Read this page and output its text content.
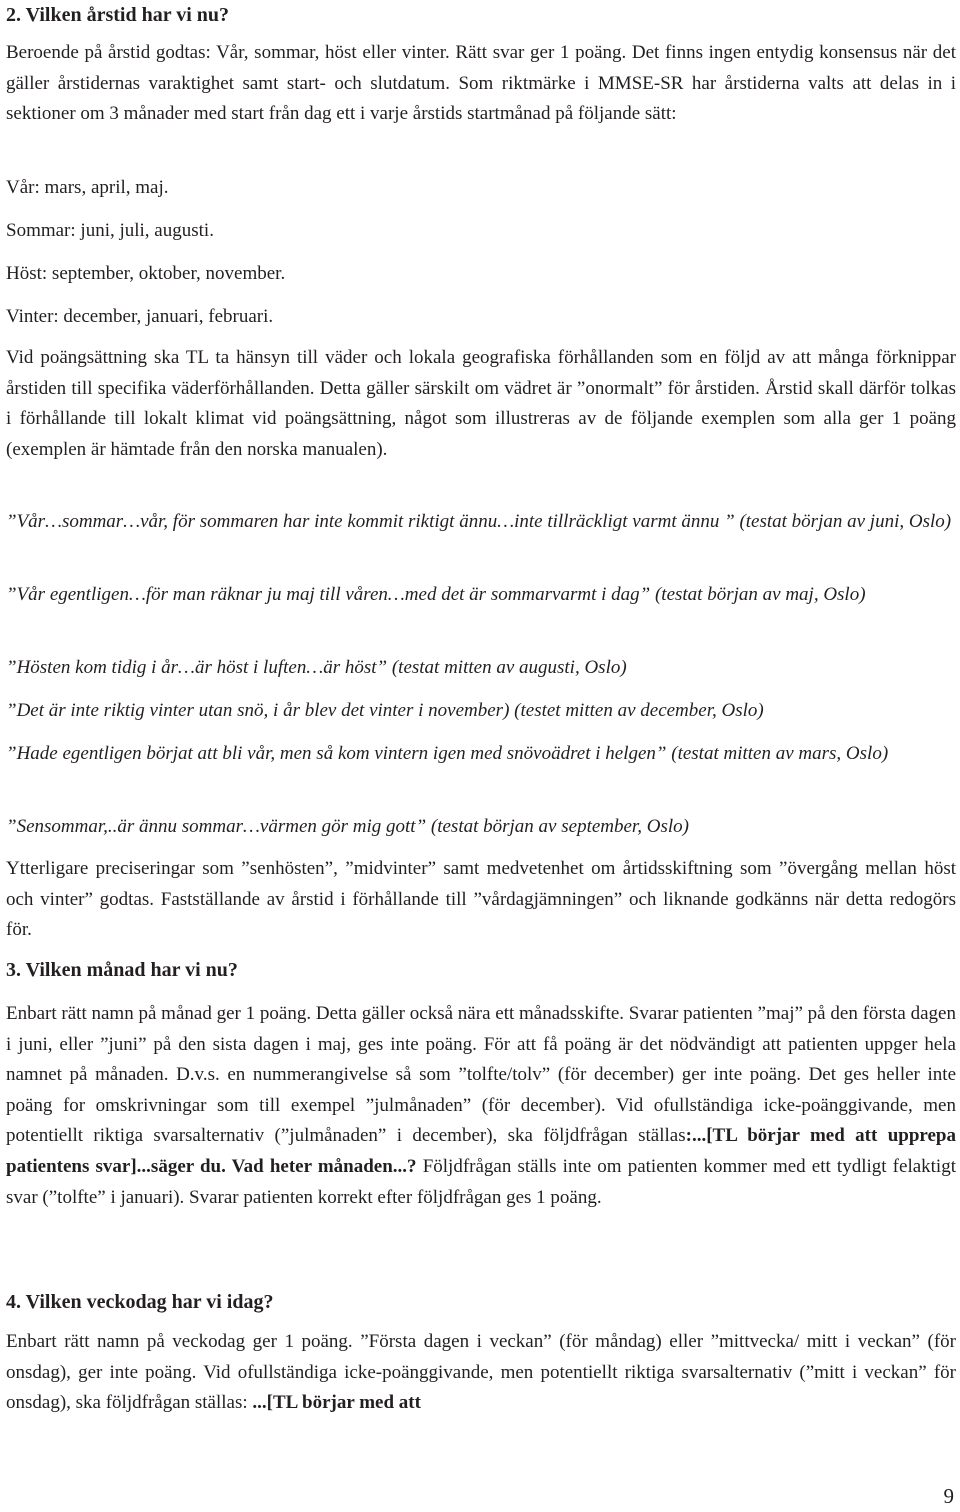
2. Vilken årstid har vi nu?

Beroende på årstid godtas: Vår, sommar, höst eller vinter. Rätt svar ger 1 poäng. Det finns ingen entydig konsensus när det gäller årstidernas varaktighet samt start- och slutdatum. Som riktmärke i MMSE-SR har årstiderna valts att delas in i sektioner om 3 månader med start från dag ett i varje årstids startmånad på följande sätt:

Vår: mars, april, maj.

Sommar: juni, juli, augusti.

Höst: september, oktober, november.

Vinter: december, januari, februari.

Vid poängsättning ska TL ta hänsyn till väder och lokala geografiska förhållanden som en följd av att många förknippar årstiden till specifika väderförhållanden. Detta gäller särskilt om vädret är ”onormalt” för årstiden. Årstid skall därför tolkas i förhållande till lokalt klimat vid poängsättning, något som illustreras av de följande exemplen som alla ger 1 poäng (exemplen är hämtade från den norska manualen).

”Vår…sommar…vår, för sommaren har inte kommit riktigt ännu…inte tillräckligt varmt ännu ” (testat början av juni, Oslo)

”Vår egentligen…för man räknar ju maj till våren…med det är sommarvarmt i dag” (testat början av maj, Oslo)

”Hösten kom tidig i år…är höst i luften…är höst” (testat mitten av augusti, Oslo)

”Det är inte riktig vinter utan snö, i år blev det vinter i november) (testet mitten av december, Oslo)

”Hade egentligen börjat att bli vår, men så kom vintern igen med snövoädret i helgen” (testat mitten av mars, Oslo)

”Sensommar,..är ännu sommar…värmen gör mig gott” (testat början av september, Oslo)

Ytterligare preciseringar som ”senhösten”, ”midvinter” samt medvetenhet om årtidsskiftning som ”övergång mellan höst och vinter” godtas. Fastställande av årstid i förhållande till ”vårdagjämningen” och liknande godkänns när detta redogörs för.

3. Vilken månad har vi nu?

Enbart rätt namn på månad ger 1 poäng. Detta gäller också nära ett månadsskifte. Svarar patienten ”maj” på den första dagen i juni, eller ”juni” på den sista dagen i maj, ges inte poäng. För att få poäng är det nödvändigt att patienten uppger hela namnet på månaden. D.v.s. en nummerangivelse så som ”tolfte/tolv” (för december) ger inte poäng. Det ges heller inte poäng for omskrivningar som till exempel ”julmånaden” (för december). Vid ofullständiga icke-poänggivande, men potentiellt riktiga svarsalternativ (”julmånaden” i december), ska följdfrågan ställas:...[TL börjar med att upprepa patientens svar]...säger du. Vad heter månaden...? Följdfrågan ställs inte om patienten kommer med ett tydligt felaktigt svar (”tolfte” i januari). Svarar patienten korrekt efter följdfrågan ges 1 poäng.

4. Vilken veckodag har vi idag?

Enbart rätt namn på veckodag ger 1 poäng. ”Första dagen i veckan” (för måndag) eller ”mittvecka/ mitt i veckan” (för onsdag), ger inte poäng. Vid ofullständiga icke-poänggivande, men potentiellt riktiga svarsalternativ (”mitt i veckan” för onsdag), ska följdfrågan ställas: ...[TL börjar med att

9
